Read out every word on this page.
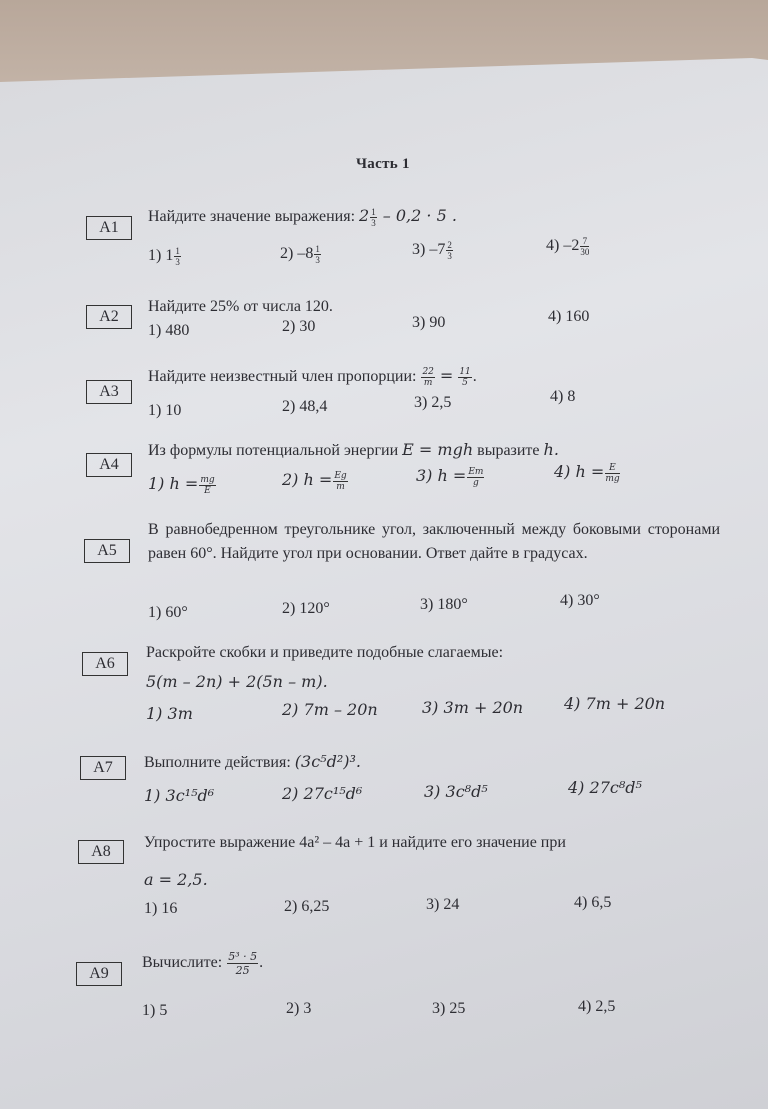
Часть 1
A1
Найдите значение выражения: $2 \frac{1}{3} - 0,2 \cdot 5$ .
1) $1 \frac{1}{3}$	2) $-8 \frac{1}{3}$	3) $-7 \frac{2}{3}$	4) $-2 \frac{7}{30}$
A2
Найдите 25% от числа 120.
1) 480	2) 30	3) 90	4) 160
A3
Найдите неизвестный член пропорции: $\frac{22}{m} = \frac{11}{5}$ .
1) 10	2) 48,4	3) 2,5	4) 8
A4
Из формулы потенциальной энергии E = mgh выразите h.
1) $h = \frac{mg}{E}$	2) $h = \frac{Eg}{m}$	3) $h = \frac{Em}{g}$	4) $h = \frac{E}{mg}$
A5
В равнобедренном треугольнике угол, заключенный между боковыми сторонами равен 60°. Найдите угол при основании. Ответ дайте в градусах.
1) 60°	2) 120°	3) 180°	4) 30°
A6
Раскройте скобки и приведите подобные слагаемые:
5(m – 2n) + 2(5n – m).
1) 3m	2) 7m – 20n	3) 3m + 20n	4) 7m + 20n
A7	Выполните действия: (3c⁵d²)³.
1) 3c¹⁵d⁶	2) 27c¹⁵d⁶	3) 3c⁸d⁵	4) 27c⁸d⁵
A8
Упростите выражение 4a² – 4a + 1 и найдите его значение при
a = 2,5.
1) 16	2) 6,25	3) 24	4) 6,5
A9
Вычислите: $\frac{\text{5³ · 5}}{25}$ .
1) 5	2) 3	3) 25	4) 2,5
